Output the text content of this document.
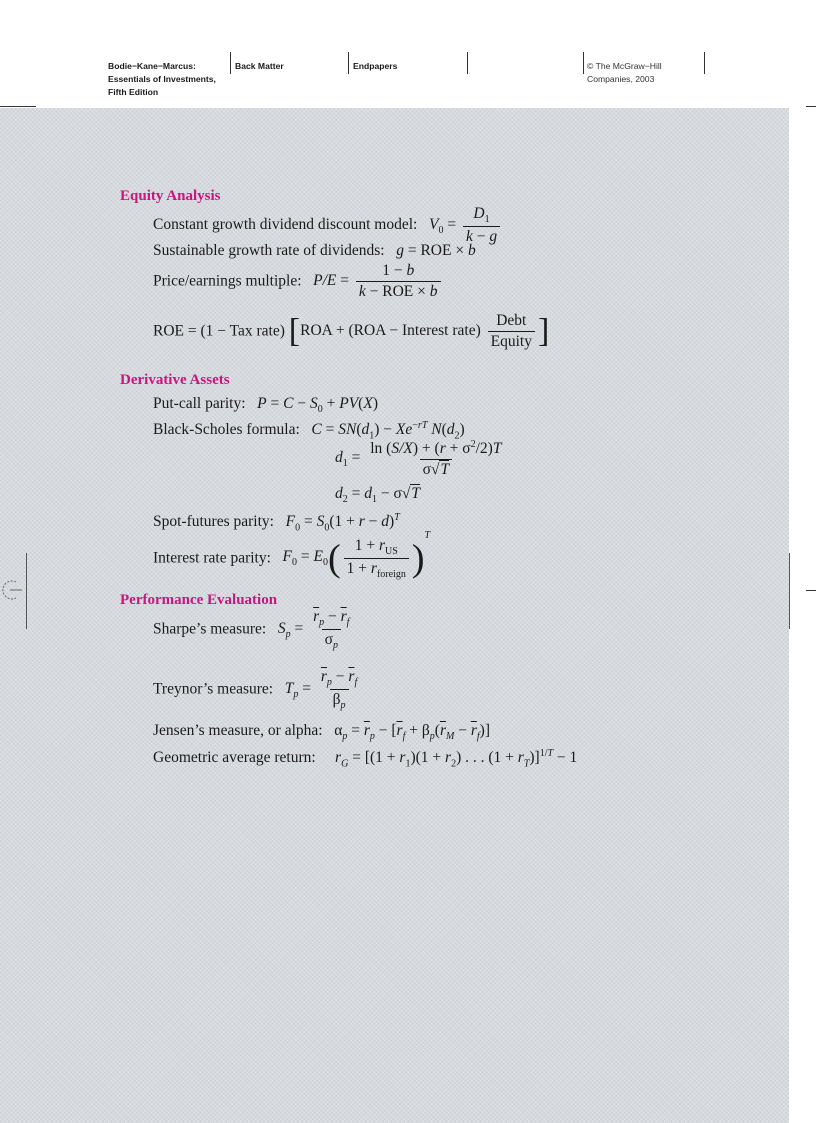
Bodie−Kane−Marcus:
Essentials of Investments,
Fifth Edition
Back Matter	Endpapers	© The McGraw−Hill
Companies, 2003
Equity Analysis
Constant growth dividend discount model: $V_0 = \frac{D_1}{k - g}$
Sustainable growth rate of dividends: g = ROE × b
Price/earnings multiple: $P/E = \frac{1 - b}{\text{k − ROE × b}}$
ROE = (1 − Tax rate) [ROA + (ROA − Interest rate) $\frac{\text{Debt}}{\text{Equity}}$ ]
Derivative Assets
Put-call parity: $P = C - S_0 + PV(X)$
Black-Scholes formula: $C = SN(d_1) - Xe^{-rT}$ $N(d_2)$
$d_1 = \frac{\ln (S/X) + (r + \sigma^2/2)T}{\sigma√T}$
$d_2 = d_1 - \sigma√T$
Spot-futures parity: $F_0 = S_0(1 + r - d)^T$
Interest rate parity: $F_0 = E_0( \frac{1 + r_{US}}{1 + r_{foreign}} )^T$
Performance Evaluation
Sharpe’s measure: $S_p = \frac{\overline{r}_p - \overline{r}_f}{\sigma_p}$
Treynor’s measure: $T_p = \frac{\overline{r}_p - \overline{r}_f}{\beta_p}$
Jensen’s measure, or alpha:   $\alpha_p = \overline{r}_p - [\overline{r}_f + \beta_p(\overline{r}_M - \overline{r}_f)]$
Geometric average return: $r_G = [(1 + r_1)(1 + r_2)$ . . . $(1 + r_T)]^{1/T} - 1$
